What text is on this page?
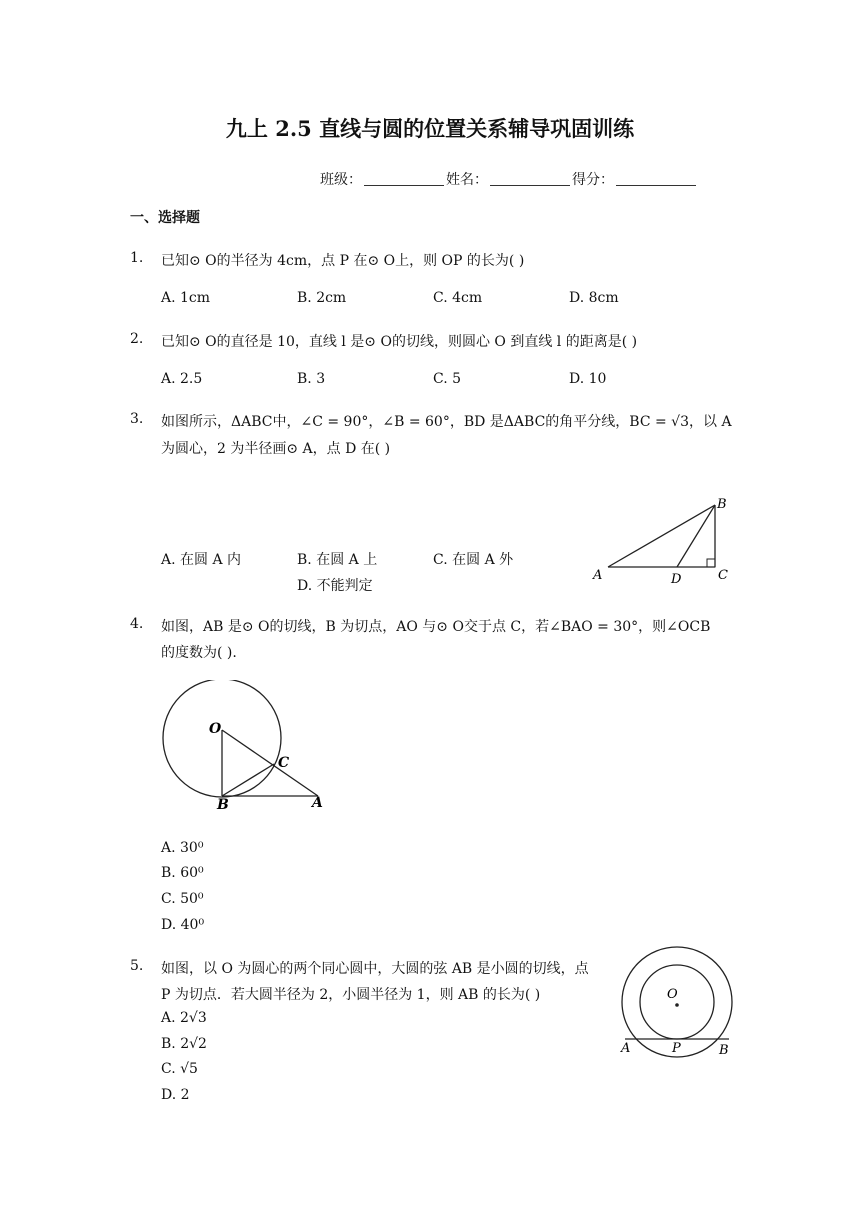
九上 2.5 直线与圆的位置关系辅导巩固训练
班级：	姓名：	得分：
一、选择题
1. 已知⊙ O的半径为 4cm，点 P 在⊙ O上，则 OP 的长为( )
A. 1cm	B. 2cm	C. 4cm	D. 8cm
2. 已知⊙ O的直径是 10，直线 l 是⊙ O的切线，则圆心 O 到直线 l 的距离是( )
A. 2.5	B. 3	C. 5	D. 10
3. 如图所示，ΔABC中，∠C = 90°，∠B = 60°，BD 是ΔABC的角平分线，BC = √3，以 A
为圆心，2 为半径画⊙ A，点 D 在( )
A. 在圆 A 内	B. 在圆 A 上	C. 在圆 A 外
D. 不能判定
A
B
C
D
4. 如图，AB 是⊙ O的切线，B 为切点，AO 与⊙ O交于点 C，若∠BAO = 30°，则∠OCB
的度数为( ).
O
C
B	A
A. 30⁰
B. 60⁰
C. 50⁰
D. 40⁰
5. 如图，以 O 为圆心的两个同心圆中，大圆的弦 AB 是小圆的切线，点
P 为切点．若大圆半径为 2，小圆半径为 1，则 AB 的长为( )
A. 2√3
B. 2√2
C. √5
D. 2
O
A	P	B
